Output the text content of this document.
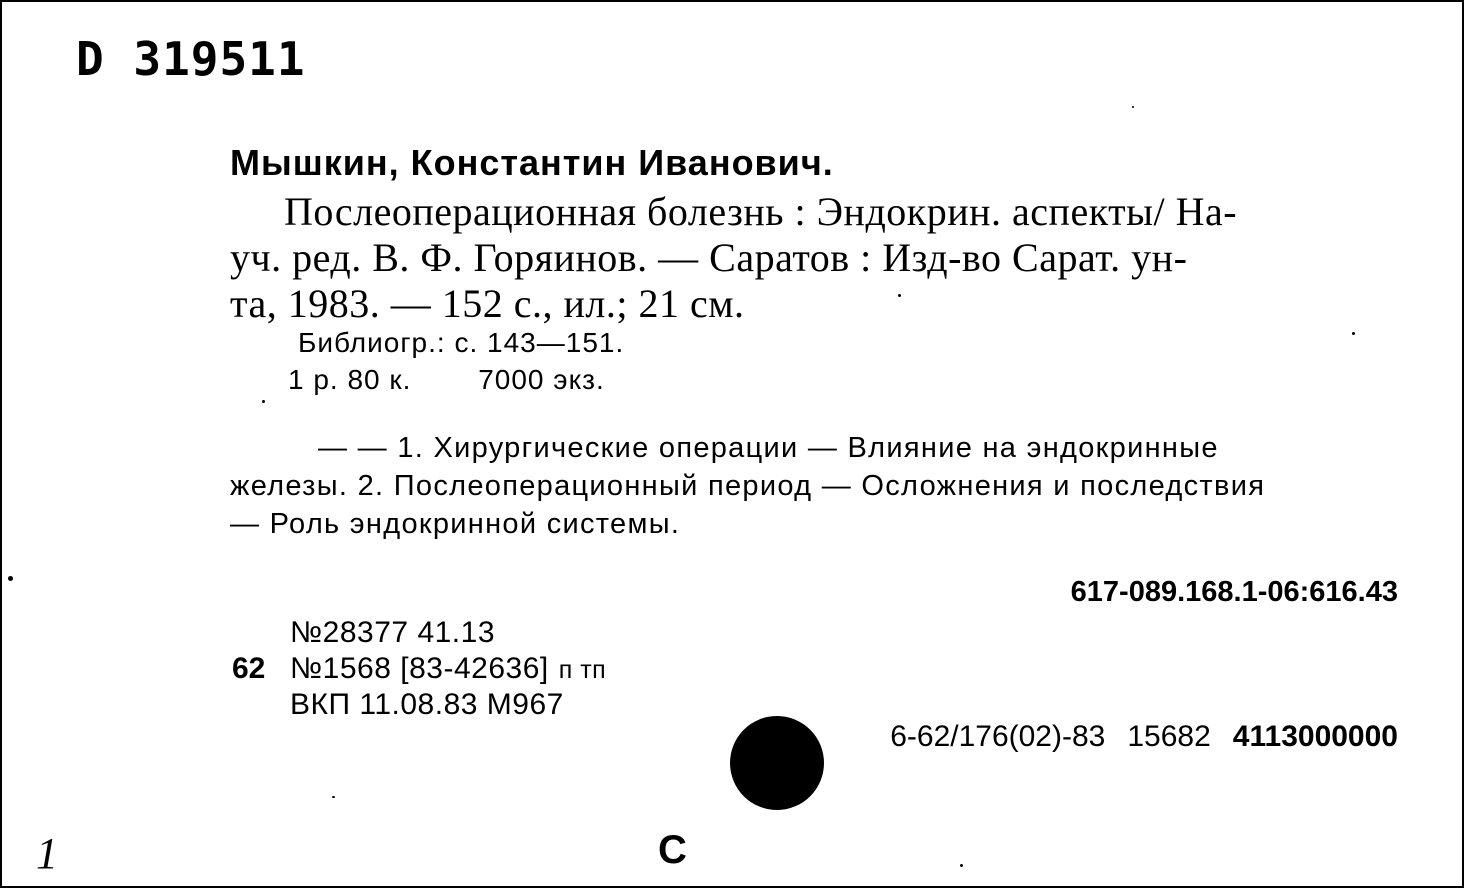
D 319511
Мышкин, Константин Иванович.
Послеоперационная болезнь : Эндокрин. аспекты/ На-
уч. ред. В. Ф. Горяинов. — Саратов : Изд-во Сарат. ун-
та, 1983. — 152 с., ил.; 21 см.
Библиогр.: с. 143—151.
1 р. 80 к. 7000 экз.
— — 1. Хирургические операции — Влияние на эндокринные
железы. 2. Послеоперационный период — Осложнения и последствия
— Роль эндокринной системы.
617-089.168.1-06:616.43
№28377 41.13
62 №1568 [83-42636] п тп
ВКП 11.08.83 М967
6-62/176(02)-83 15682 4113000000
С
1
